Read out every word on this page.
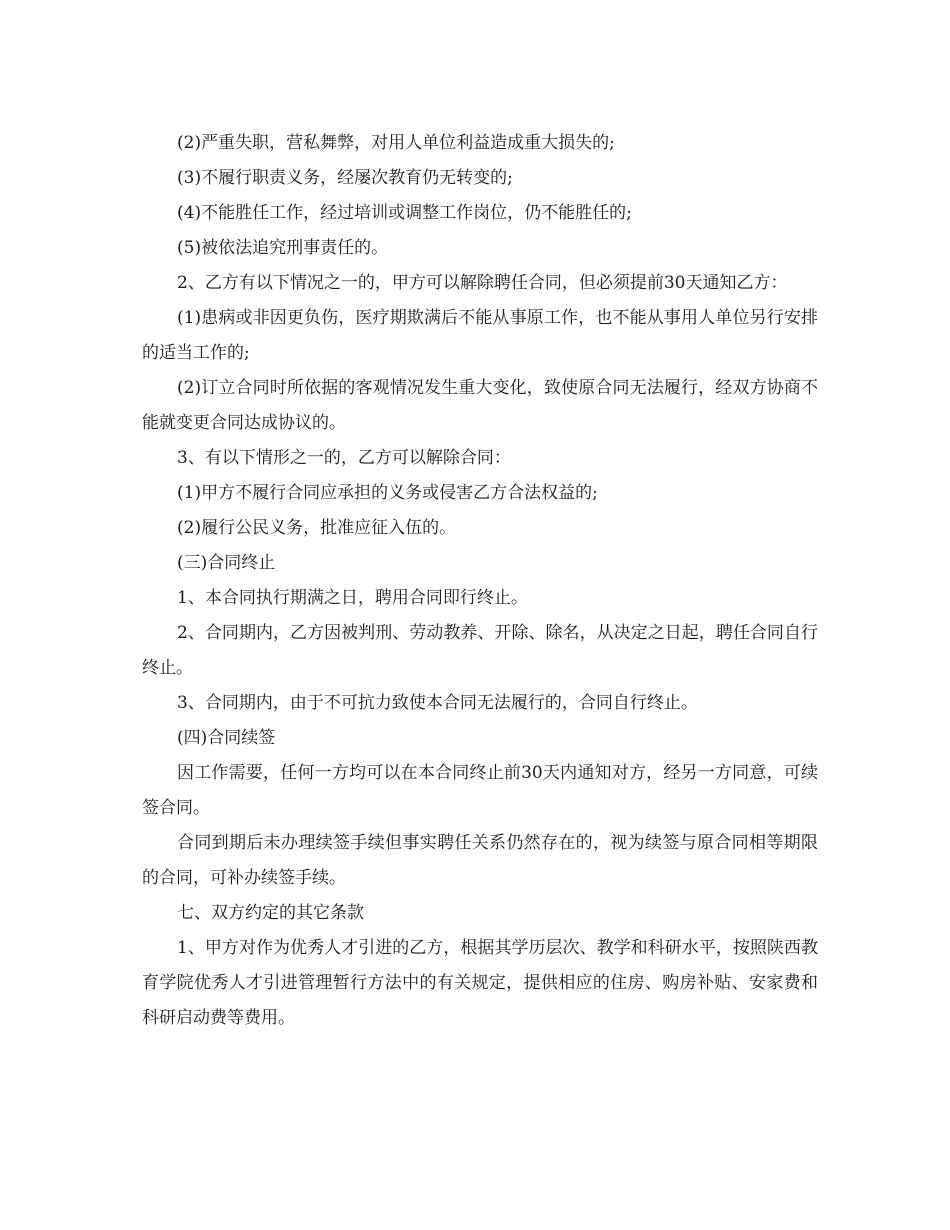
(2)严重失职，营私舞弊，对用人单位利益造成重大损失的;

(3)不履行职责义务，经屡次教育仍无转变的;

(4)不能胜任工作，经过培训或调整工作岗位，仍不能胜任的;

(5)被依法追究刑事责任的。

2、乙方有以下情况之一的，甲方可以解除聘任合同，但必须提前30天通知乙方：

(1)患病或非因更负伤，医疗期欺满后不能从事原工作，也不能从事用人单位另行安排的适当工作的;

(2)订立合同时所依据的客观情况发生重大变化，致使原合同无法履行，经双方协商不能就变更合同达成协议的。

3、有以下情形之一的，乙方可以解除合同：

(1)甲方不履行合同应承担的义务或侵害乙方合法权益的;

(2)履行公民义务，批准应征入伍的。

(三)合同终止

1、本合同执行期满之日，聘用合同即行终止。

2、合同期内，乙方因被判刑、劳动教养、开除、除名，从决定之日起，聘任合同自行终止。

3、合同期内，由于不可抗力致使本合同无法履行的，合同自行终止。

(四)合同续签

因工作需要，任何一方均可以在本合同终止前30天内通知对方，经另一方同意，可续签合同。

合同到期后未办理续签手续但事实聘任关系仍然存在的，视为续签与原合同相等期限的合同，可补办续签手续。

七、双方约定的其它条款

1、甲方对作为优秀人才引进的乙方，根据其学历层次、教学和科研水平，按照陕西教育学院优秀人才引进管理暂行方法中的有关规定，提供相应的住房、购房补贴、安家费和科研启动费等费用。
